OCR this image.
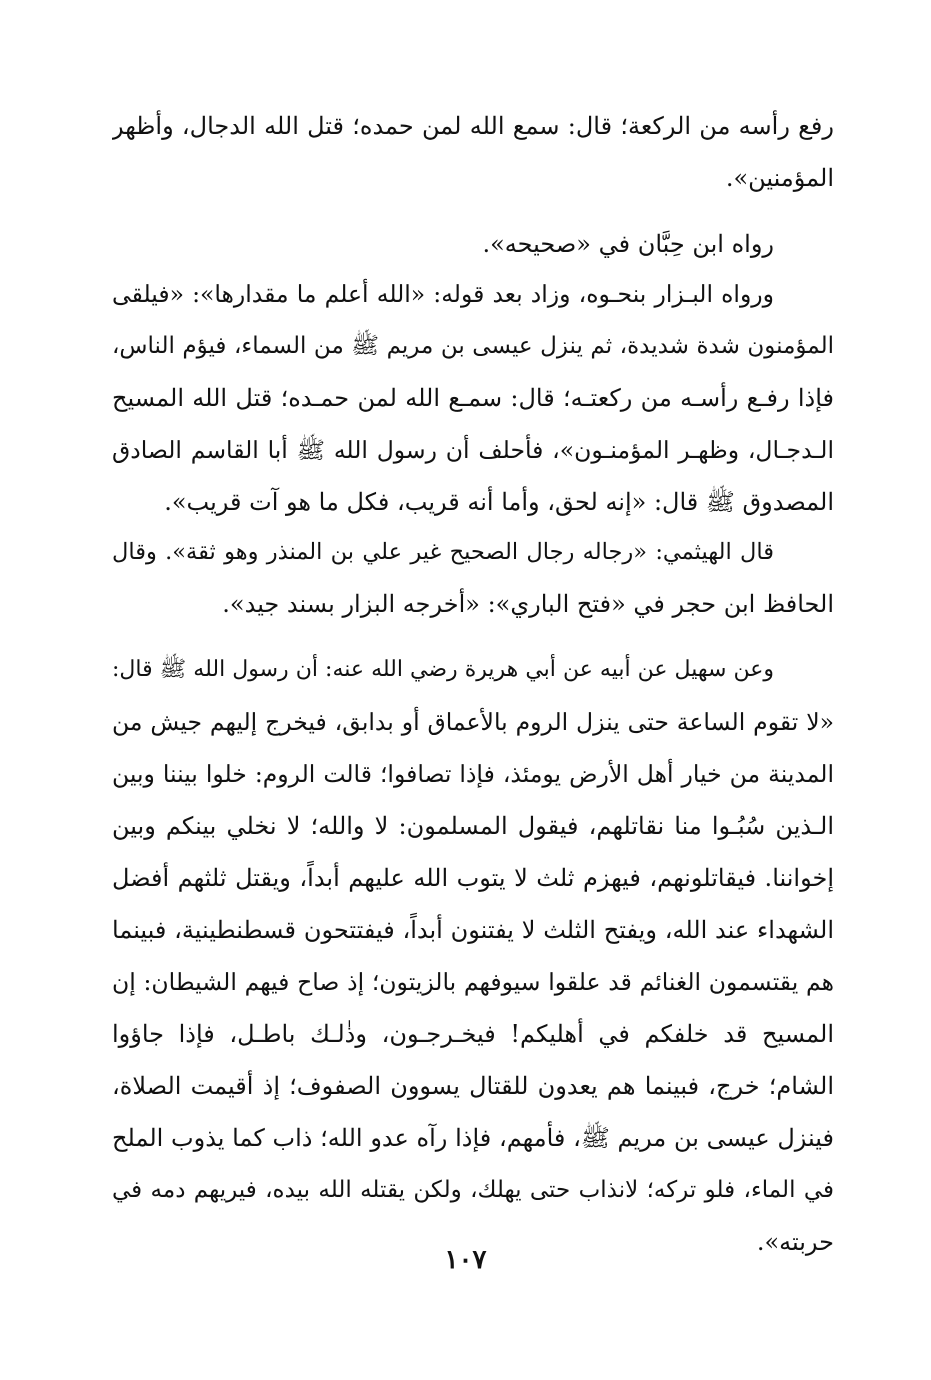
رفع رأسه من الركعة؛ قال: سمع الله لمن حمده؛ قتل الله الدجال، وأظهر
المؤمنين».

رواه ابن حِبَّان في «صحيحه».

ورواه البـزار بنحـوه، وزاد بعد قوله: «الله أعلم ما مقدارها»: «فيلقى
المؤمنون شدة شديدة، ثم ينزل عيسى بن مريم ﷺ من السماء، فيؤم الناس،
فإذا رفـع رأسـه من ركعتـه؛ قال: سمـع الله لمن حمـده؛ قتل الله المسيح
الـدجـال، وظهـر المؤمنـون»، فأحلف أن رسول الله ﷺ أبا القاسم الصادق
المصدوق ﷺ قال: «إنه لحق، وأما أنه قريب، فكل ما هو آت قريب».

قال الهيثمي: «رجاله رجال الصحيح غير علي بن المنذر وهو ثقة». وقال
الحافظ ابن حجر في «فتح الباري»: «أخرجه البزار بسند جيد».

وعن سهيل عن أبيه عن أبي هريرة رضي الله عنه: أن رسول الله ﷺ قال:
«لا تقوم الساعة حتى ينزل الروم بالأعماق أو بدابق، فيخرج إليهم جيش من
المدينة من خيار أهل الأرض يومئذ، فإذا تصافوا؛ قالت الروم: خلوا بيننا وبين
الـذين سُبُـوا منا نقاتلهم، فيقول المسلمون: لا والله؛ لا نخلي بينكم وبين
إخواننا. فيقاتلونهم، فيهزم ثلث لا يتوب الله عليهم أبداً، ويقتل ثلثهم أفضل
الشهداء عند الله، ويفتح الثلث لا يفتنون أبداً، فيفتتحون قسطنطينية، فبينما
هم يقتسمون الغنائم قد علقوا سيوفهم بالزيتون؛ إذ صاح فيهم الشيطان: إن
المسيح قد خلفكم في أهليكم! فيخـرجـون، وذٰلـك باطـل، فإذا جاؤوا
الشام؛ خرج، فبينما هم يعدون للقتال يسوون الصفوف؛ إذ أقيمت الصلاة،
فينزل عيسى بن مريم ﷺ، فأمهم، فإذا رآه عدو الله؛ ذاب كما يذوب الملح
في الماء، فلو تركه؛ لانذاب حتى يهلك، ولكن يقتله الله بيده، فيريهم دمه في
حربته».

١٠٧
